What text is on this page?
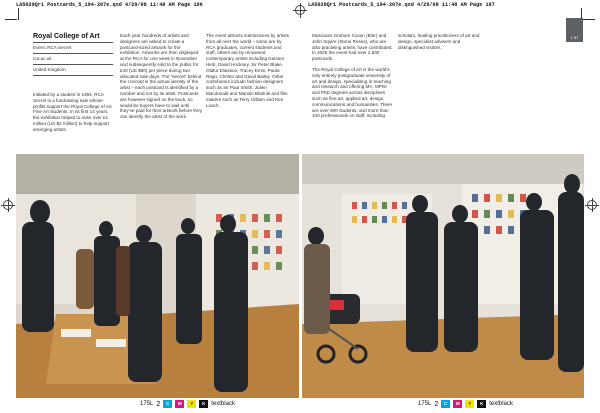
LA5029Qr1 Postcards_5_194-207e.qxd 4/29/08 11:48 AM Page 196	LA5029Qr1 Postcards_5_194-207e.qxd 4/29/08 11:48 AM Page 197
1 97
Royal College of Art
Event: RCA Secret
rca.ac.uk
United Kingdom

Initiated by a student in 1994, RCA Secret is a fundraising sale whose profits support the Royal College of Art Fine Art students. In its first 14 years, the exhibition helped to raise over £1 million (US $2 million) to help support emerging artists.

Each year hundreds of artists and designers are asked to create a postcard-sized artwork for the exhibition. Artworks are then displayed at the RCA for one week in November and subsequently sold to the public for £40 (US $80) per piece during two allocated sale days. The “secret” behind the concept is the actual identity of the artist – each postcard is identified by a number and not by its artist. Postcards are however signed on the back, so would-be buyers have to wait until they’ve paid for their artwork before they can identify the artist of the work.

The event attracts submissions by artists from all over the world – some are by RCA graduates, current students and staff, others are by renowned contemporary artists including Damien Hirst, David Hockney, Sir Peter Blake, Olafur Eliasson, Tracey Emin, Paula Rego, Christo and David Bailey. Other contributors include fashion designers such as Sir Paul Smith, Julien Macdonald and Manolo Blahnik and film makers such as Terry Gilliam and Ken Loach.

Musicians Graham Coxon (Blur) and John Squire (Stone Roses), who are also practising artists, have contributed. In 2006 the event had over 2,500 postcards.

The Royal College of Art is the world’s only entirely postgraduate university of art and design, specialising in teaching and research and offering MA, MPhil and PhD degrees across disciplines such as fine art, applied art, design, communications and humanities. There are over 800 students, and more than 100 professionals on staff, including

scholars, leading practitioners of art and design, specialist advisers and distinguished visitors.

175L 2	C	M	Y	K textblack	175L 2	C	M	Y	K textblack
